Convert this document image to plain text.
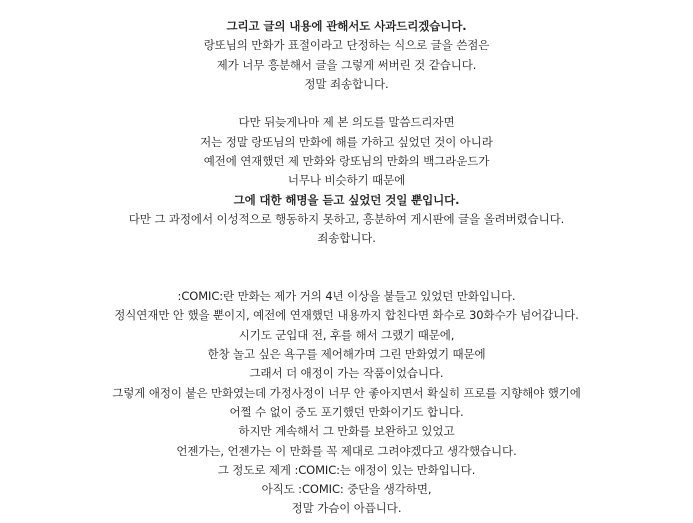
그리고 글의 내용에 관해서도 사과드리겠습니다.
랑또님의 만화가 표절이라고 단정하는 식으로 글을 쓴점은
제가 너무 흥분해서 글을 그렇게 써버린 것 같습니다.
정말 죄송합니다.
다만 뒤늦게나마 제 본 의도를 말씀드리자면
저는 정말 랑또님의 만화에 해를 가하고 싶었던 것이 아니라
예전에 연재했던 제 만화와 랑또님의 만화의 백그라운드가
너무나 비슷하기 때문에
그에 대한 해명을 듣고 싶었던 것일 뿐입니다.
다만 그 과정에서 이성적으로 행동하지 못하고, 흥분하여 게시판에 글을 올려버렸습니다.
죄송합니다.
:COMIC:란 만화는 제가 거의 4년 이상을 붙들고 있었던 만화입니다.
정식연재만 안 했을 뿐이지, 예전에 연재했던 내용까지 합친다면 화수로 30화수가 넘어갑니다.
시기도 군입대 전, 후를 해서 그랬기 때문에,
한창 놀고 싶은 욕구를 제어해가며 그린 만화였기 때문에
그래서 더 애정이 가는 작품이었습니다.
그렇게 애정이 붙은 만화였는데 가정사정이 너무 안 좋아지면서 확실히 프로를 지향해야 했기에
어쩔 수 없이 중도 포기했던 만화이기도 합니다.
하지만 계속해서 그 만화를 보완하고 있었고
언젠가는, 언젠가는 이 만화를 꼭 제대로 그려야겠다고 생각했습니다.
그 정도로 제게 :COMIC:는 애정이 있는 만화입니다.
아직도 :COMIC: 중단을 생각하면,
정말 가슴이 아픕니다.
